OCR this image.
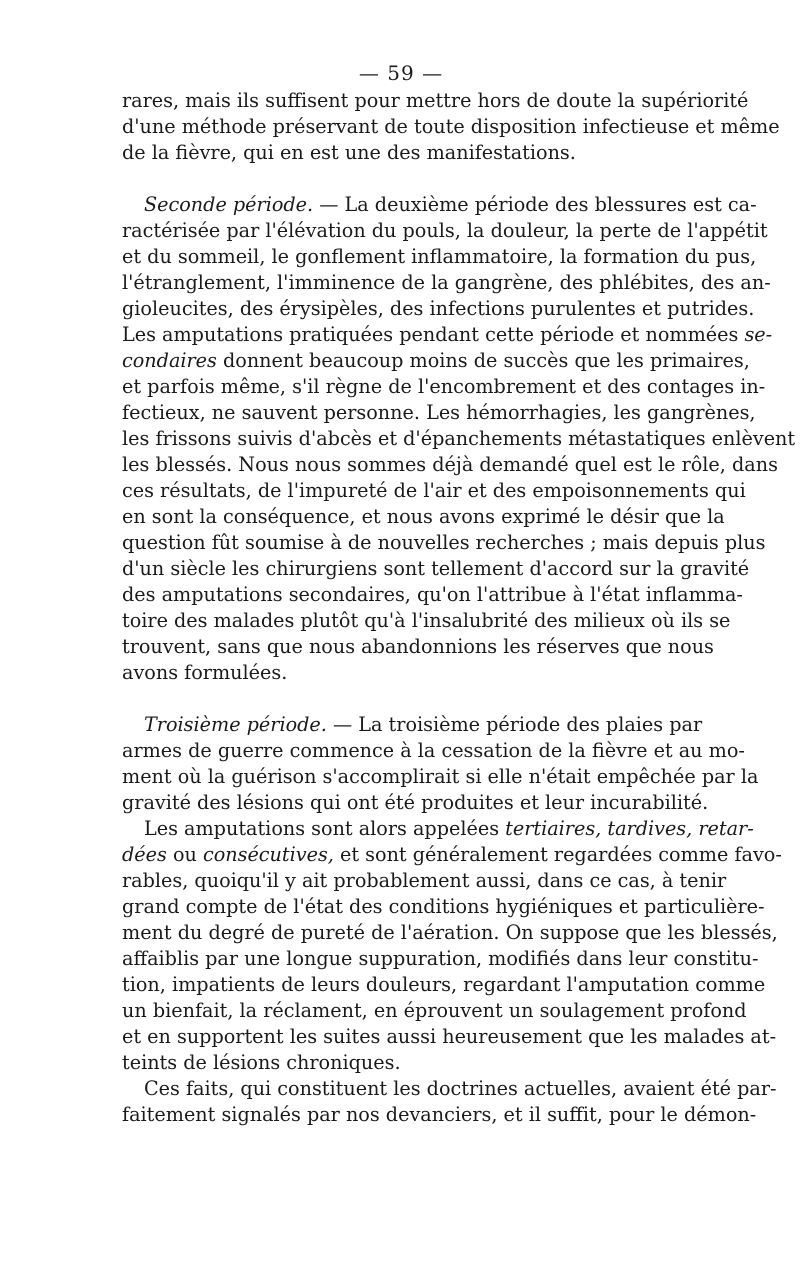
— 59 —
rares, mais ils suffisent pour mettre hors de doute la supériorité
d'une méthode préservant de toute disposition infectieuse et même
de la fièvre, qui en est une des manifestations.
Seconde période. — La deuxième période des blessures est ca-
ractérisée par l'élévation du pouls, la douleur, la perte de l'appétit
et du sommeil, le gonflement inflammatoire, la formation du pus,
l'étranglement, l'imminence de la gangrène, des phlébites, des an-
gioleucites, des érysipèles, des infections purulentes et putrides.
Les amputations pratiquées pendant cette période et nommées se-
condaires donnent beaucoup moins de succès que les primaires,
et parfois même, s'il règne de l'encombrement et des contages in-
fectieux, ne sauvent personne. Les hémorrhagies, les gangrènes,
les frissons suivis d'abcès et d'épanchements métastatiques enlèvent
les blessés. Nous nous sommes déjà demandé quel est le rôle, dans
ces résultats, de l'impureté de l'air et des empoisonnements qui
en sont la conséquence, et nous avons exprimé le désir que la
question fût soumise à de nouvelles recherches ; mais depuis plus
d'un siècle les chirurgiens sont tellement d'accord sur la gravité
des amputations secondaires, qu'on l'attribue à l'état inflamma-
toire des malades plutôt qu'à l'insalubrité des milieux où ils se
trouvent, sans que nous abandonnions les réserves que nous
avons formulées.
Troisième période. — La troisième période des plaies par
armes de guerre commence à la cessation de la fièvre et au mo-
ment où la guérison s'accomplirait si elle n'était empêchée par la
gravité des lésions qui ont été produites et leur incurabilité.
Les amputations sont alors appelées tertiaires, tardives, retar-
dées ou consécutives, et sont généralement regardées comme favo-
rables, quoiqu'il y ait probablement aussi, dans ce cas, à tenir
grand compte de l'état des conditions hygiéniques et particulière-
ment du degré de pureté de l'aération. On suppose que les blessés,
affaiblis par une longue suppuration, modifiés dans leur constitu-
tion, impatients de leurs douleurs, regardant l'amputation comme
un bienfait, la réclament, en éprouvent un soulagement profond
et en supportent les suites aussi heureusement que les malades at-
teints de lésions chroniques.
Ces faits, qui constituent les doctrines actuelles, avaient été par-
faitement signalés par nos devanciers, et il suffit, pour le démon-
